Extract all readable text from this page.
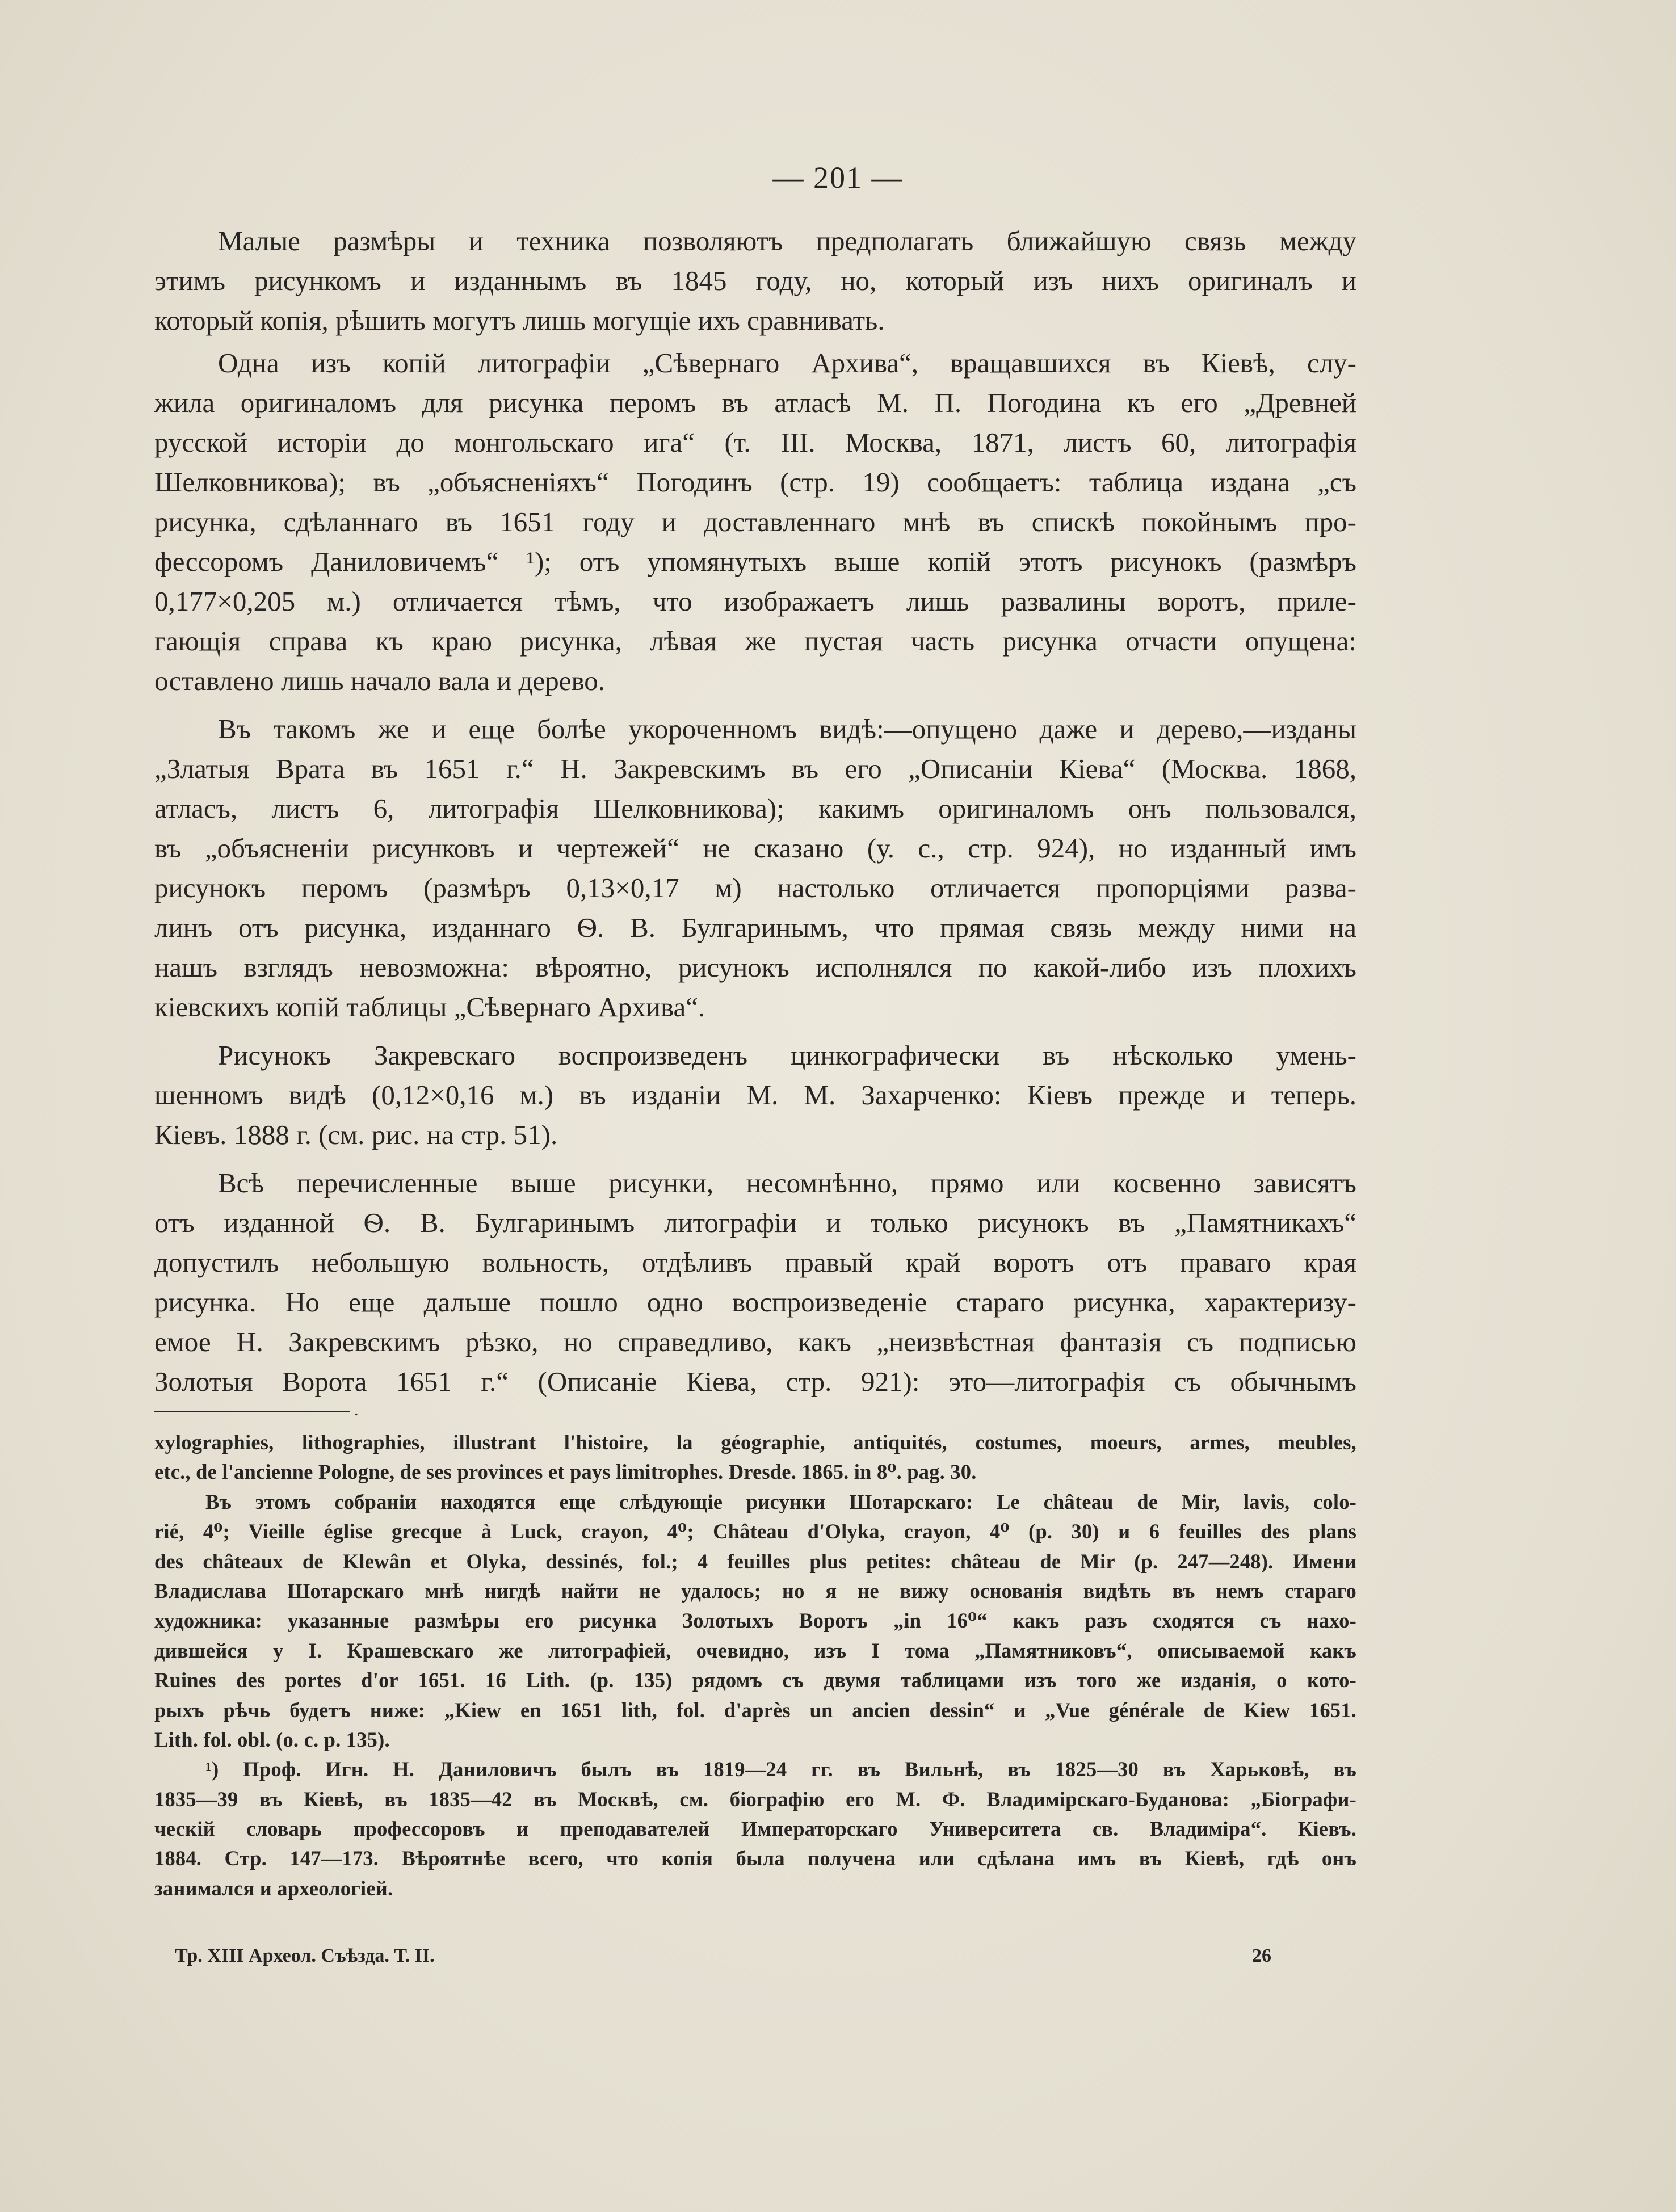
— 201 —
Малые размѣры и техника позволяютъ предполагать ближайшую связь между
этимъ рисункомъ и изданнымъ въ 1845 году, но, который изъ нихъ оригиналъ и
который копія, рѣшить могутъ лишь могущіе ихъ сравнивать.
Одна изъ копій литографіи „Сѣвернаго Архива“, вращавшихся въ Кіевѣ, слу-
жила оригиналомъ для рисунка перомъ въ атласѣ М. П. Погодина къ его „Древней
русской исторіи до монгольскаго ига“ (т. III. Москва, 1871, листъ 60, литографія
Шелковникова); въ „объясненіяхъ“ Погодинъ (стр. 19) сообщаетъ: таблица издана „съ
рисунка, сдѣланнаго въ 1651 году и доставленнаго мнѣ въ спискѣ покойнымъ про-
фессоромъ Даниловичемъ“ ¹); отъ упомянутыхъ выше копій этотъ рисунокъ (размѣръ
0,177×0,205 м.) отличается тѣмъ, что изображаетъ лишь развалины воротъ, приле-
гающія справа къ краю рисунка, лѣвая же пустая часть рисунка отчасти опущена:
оставлено лишь начало вала и дерево.
Въ такомъ же и еще болѣе укороченномъ видѣ:—опущено даже и дерево,—изданы
„Златыя Врата въ 1651 г.“ Н. Закревскимъ въ его „Описаніи Кіева“ (Москва. 1868,
атласъ, листъ 6, литографія Шелковникова); какимъ оригиналомъ онъ пользовался,
въ „объясненіи рисунковъ и чертежей“ не сказано (у. с., стр. 924), но изданный имъ
рисунокъ перомъ (размѣръ 0,13×0,17 м) настолько отличается пропорціями разва-
линъ отъ рисунка, изданнаго Ѳ. В. Булгаринымъ, что прямая связь между ними на
нашъ взглядъ невозможна: вѣроятно, рисунокъ исполнялся по какой-либо изъ плохихъ
кіевскихъ копій таблицы „Сѣвернаго Архива“.
Рисунокъ Закревскаго воспроизведенъ цинкографически въ нѣсколько умень-
шенномъ видѣ (0,12×0,16 м.) въ изданіи М. М. Захарченко: Кіевъ прежде и теперь.
Кіевъ. 1888 г. (см. рис. на стр. 51).
Всѣ перечисленные выше рисунки, несомнѣнно, прямо или косвенно зависятъ
отъ изданной Ѳ. В. Булгаринымъ литографіи и только рисунокъ въ „Памятникахъ“
допустилъ небольшую вольность, отдѣливъ правый край воротъ отъ праваго края
рисунка. Но еще дальше пошло одно воспроизведеніе стараго рисунка, характеризу-
емое Н. Закревскимъ рѣзко, но справедливо, какъ „неизвѣстная фантазія съ подписью
Золотыя Ворота 1651 г.“ (Описаніе Кіева, стр. 921): это—литографія съ обычнымъ
.
xylographies, lithographies, illustrant l'histoire, la géographie, antiquités, costumes, moeurs, armes, meubles,
etc., de l'ancienne Pologne, de ses provinces et pays limitrophes. Dresde. 1865. in 8⁰. pag. 30.
Въ этомъ собраніи находятся еще слѣдующіе рисунки Шотарскаго: Le château de Mir, lavis, colo-
rié, 4⁰; Vieille église grecque à Luck, crayon, 4⁰; Château d'Olyka, crayon, 4⁰ (p. 30) и 6 feuilles des plans
des châteaux de Klewân et Olyka, dessinés, fol.; 4 feuilles plus petites: château de Mir (p. 247—248). Имени
Владислава Шотарскаго мнѣ нигдѣ найти не удалось; но я не вижу основанія видѣть въ немъ стараго
художника: указанные размѣры его рисунка Золотыхъ Воротъ „in 16⁰“ какъ разъ сходятся съ нахо-
дившейся у І. Крашевскаго же литографіей, очевидно, изъ I тома „Памятниковъ“, описываемой какъ
Ruines des portes d'or 1651. 16 Lith. (p. 135) рядомъ съ двумя таблицами изъ того же изданія, о кото-
рыхъ рѣчь будетъ ниже: „Kiew en 1651 lith, fol. d'après un ancien dessin“ и „Vue générale de Kiew 1651.
Lith. fol. obl. (o. c. p. 135).
¹) Проф. Игн. Н. Даниловичъ былъ въ 1819—24 гг. въ Вильнѣ, въ 1825—30 въ Харьковѣ, въ
1835—39 въ Кіевѣ, въ 1835—42 въ Москвѣ, см. біографію его М. Ф. Владимірскаго-Буданова: „Біографи-
ческій словарь профессоровъ и преподавателей Императорскаго Университета св. Владиміра“. Кіевъ.
1884. Стр. 147—173. Вѣроятнѣе всего, что копія была получена или сдѣлана имъ въ Кіевѣ, гдѣ онъ
занимался и археологіей.
Тр. XIII Археол. Съѣзда. Т. II.	26
